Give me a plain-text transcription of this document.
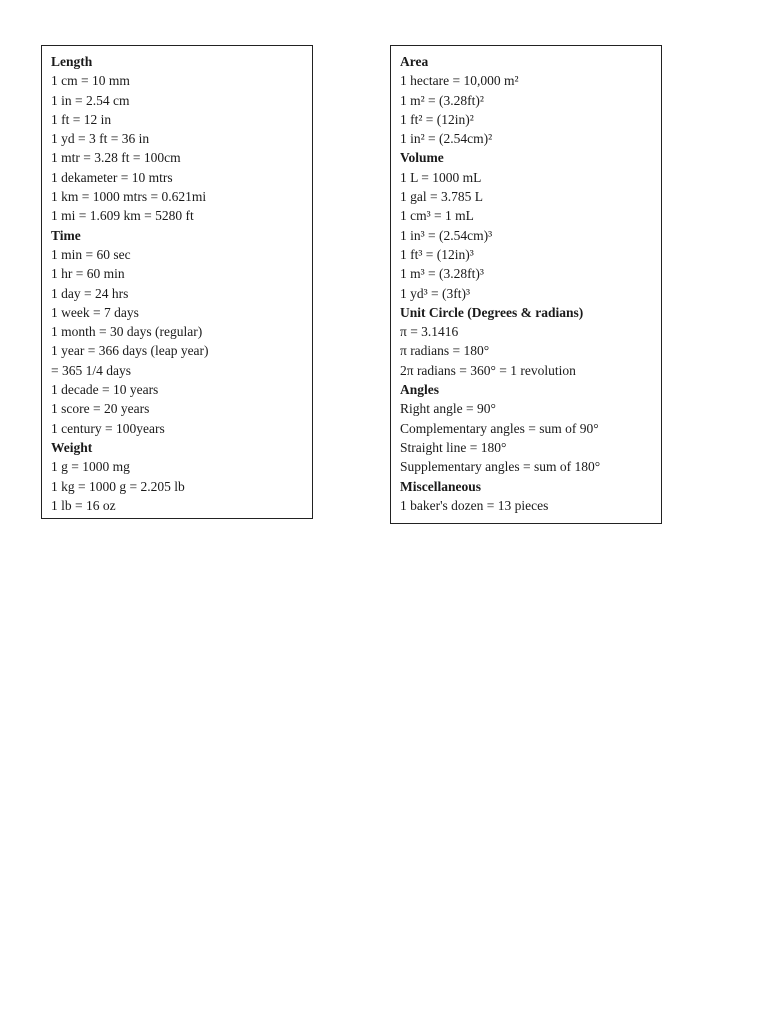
Length
1 cm = 10 mm
1 in = 2.54 cm
1 ft = 12 in
1 yd = 3 ft = 36 in
1 mtr = 3.28 ft = 100cm
1 dekameter = 10 mtrs
1 km = 1000 mtrs = 0.621mi
1 mi = 1.609 km = 5280 ft
Time
1 min = 60 sec
1 hr = 60 min
1 day = 24 hrs
1 week = 7 days
1 month = 30 days (regular)
1 year = 366 days (leap year)
= 365 1/4 days
1 decade = 10 years
1 score = 20 years
1 century = 100years
Weight
1 g = 1000 mg
1 kg = 1000 g = 2.205 lb
1 lb = 16 oz
Area
1 hectare = 10,000 m²
1 m² = (3.28ft)²
1 ft² = (12in)²
1 in² = (2.54cm)²
Volume
1 L = 1000 mL
1 gal = 3.785 L
1 cm³ = 1 mL
1 in³ = (2.54cm)³
1 ft³ = (12in)³
1 m³ = (3.28ft)³
1 yd³ = (3ft)³
Unit Circle (Degrees & radians)
π = 3.1416
π radians = 180°
2π radians = 360° = 1 revolution
Angles
Right angle = 90°
Complementary angles = sum of 90°
Straight line = 180°
Supplementary angles = sum of 180°
Miscellaneous
1 baker's dozen = 13 pieces
